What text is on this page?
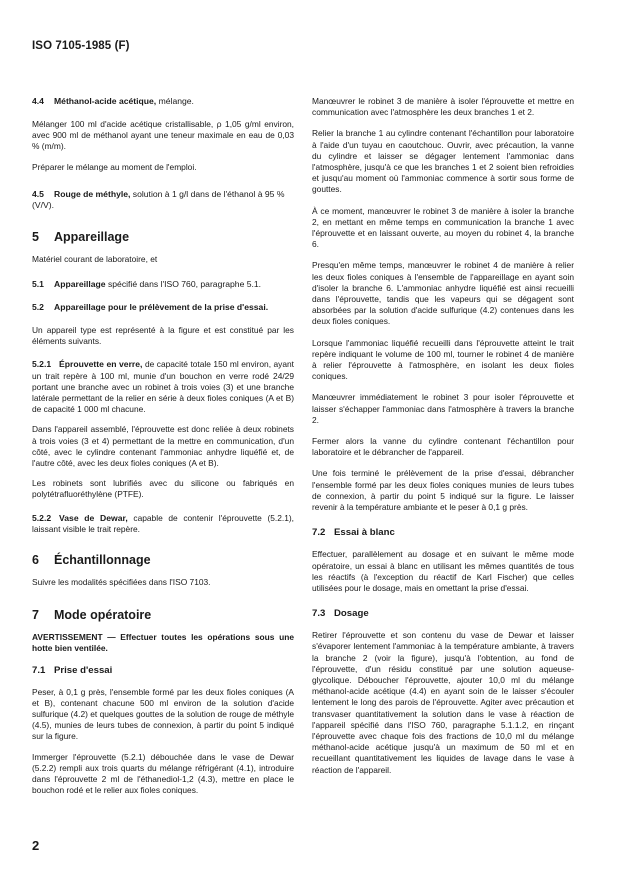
ISO 7105-1985 (F)
4.4 Méthanol-acide acétique, mélange.

Mélanger 100 ml d'acide acétique cristallisable, ρ 1,05 g/ml environ, avec 900 ml de méthanol ayant une teneur maximale en eau de 0,03 % (m/m).

Préparer le mélange au moment de l'emploi.

4.5 Rouge de méthyle, solution à 1 g/l dans de l'éthanol à 95 % (V/V).
5 Appareillage

Matériel courant de laboratoire, et

5.1 Appareillage spécifié dans l'ISO 760, paragraphe 5.1.
5.2 Appareillage pour le prélèvement de la prise d'essai.

Un appareil type est représenté à la figure et est constitué par les éléments suivants.

5.2.1 Éprouvette en verre, de capacité totale 150 ml environ, ayant un trait repère à 100 ml, munie d'un bouchon en verre rodé 24/29 portant une branche avec un robinet à trois voies (3) et une branche latérale permettant de la relier en série à deux fioles coniques (A et B) de capacité 1 000 ml chacune.

Dans l'appareil assemblé, l'éprouvette est donc reliée à deux robinets à trois voies (3 et 4) permettant de la mettre en communication, d'un côté, avec le cylindre contenant l'ammoniac anhydre liquéfié et, de l'autre côté, avec les deux fioles coniques (A et B).

Les robinets sont lubrifiés avec du silicone ou fabriqués en polytétrafluoréthylène (PTFE).

5.2.2 Vase de Dewar, capable de contenir l'éprouvette (5.2.1), laissant visible le trait repère.
6 Échantillonnage

Suivre les modalités spécifiées dans l'ISO 7103.

7 Mode opératoire

AVERTISSEMENT — Effectuer toutes les opérations sous une hotte bien ventilée.

7.1 Prise d'essai

Peser, à 0,1 g près, l'ensemble formé par les deux fioles coniques (A et B), contenant chacune 500 ml environ de la solution d'acide sulfurique (4.2) et quelques gouttes de la solution de rouge de méthyle (4.5), munies de leurs tubes de connexion, à partir du point 5 indiqué sur la figure.

Immerger l'éprouvette (5.2.1) débouchée dans le vase de Dewar (5.2.2) rempli aux trois quarts du mélange réfrigérant (4.1), introduire dans l'éprouvette 2 ml de l'éthanediol-1,2 (4.3), mettre en place le bouchon rodé et le relier aux fioles coniques.

Manœuvrer le robinet 3 de manière à isoler l'éprouvette et mettre en communication avec l'atmosphère les deux branches 1 et 2.

Relier la branche 1 au cylindre contenant l'échantillon pour laboratoire à l'aide d'un tuyau en caoutchouc. Ouvrir, avec précaution, la vanne du cylindre et laisser se dégager lentement l'ammoniac dans l'atmosphère, jusqu'à ce que les branches 1 et 2 soient bien refroidies et jusqu'au moment où l'ammoniac commence à sortir sous forme de gouttes.

À ce moment, manœuvrer le robinet 3 de manière à isoler la branche 2, en mettant en même temps en communication la branche 1 avec l'éprouvette et en laissant ouverte, au moyen du robinet 4, la branche 6.

Presqu'en même temps, manœuvrer le robinet 4 de manière à relier les deux fioles coniques à l'ensemble de l'appareillage en ayant soin d'isoler la branche 6. L'ammoniac anhydre liquéfié est ainsi recueilli dans l'éprouvette, tandis que les vapeurs qui se dégagent sont absorbées par la solution d'acide sulfurique (4.2) contenues dans les deux fioles coniques.

Lorsque l'ammoniac liquéfié recueilli dans l'éprouvette atteint le trait repère indiquant le volume de 100 ml, tourner le robinet 4 de manière à relier l'éprouvette à l'atmosphère, en isolant les deux fioles coniques.

Manœuvrer immédiatement le robinet 3 pour isoler l'éprouvette et laisser s'échapper l'ammoniac dans l'atmosphère à travers la branche 2.

Fermer alors la vanne du cylindre contenant l'échantillon pour laboratoire et le débrancher de l'appareil.

Une fois terminé le prélèvement de la prise d'essai, débrancher l'ensemble formé par les deux fioles coniques munies de leurs tubes de connexion, à partir du point 5 indiqué sur la figure. Le laisser revenir à la température ambiante et le peser à 0,1 g près.

7.2 Essai à blanc

Effectuer, parallèlement au dosage et en suivant le même mode opératoire, un essai à blanc en utilisant les mêmes quantités de tous les réactifs (à l'exception du réactif de Karl Fischer) que celles utilisées pour le dosage, mais en omettant la prise d'essai.

7.3 Dosage

Retirer l'éprouvette et son contenu du vase de Dewar et laisser s'évaporer lentement l'ammoniac à la température ambiante, à travers la branche 2 (voir la figure), jusqu'à l'obtention, au fond de l'éprouvette, d'un résidu constitué par une solution aqueuse-glycolique. Déboucher l'éprouvette, ajouter 10,0 ml du mélange méthanol-acide acétique (4.4) en ayant soin de le laisser s'écouler lentement le long des parois de l'éprouvette. Agiter avec précaution et transvaser quantitativement la solution dans le vase à réaction de l'appareil spécifié dans l'ISO 760, paragraphe 5.1.1.2, en rinçant l'éprouvette avec chaque fois des fractions de 10,0 ml du mélange méthanol-acide acétique jusqu'à un maximum de 50 ml et en recueillant quantitativement les liquides de lavage dans le vase à réaction de l'appareil.

2
